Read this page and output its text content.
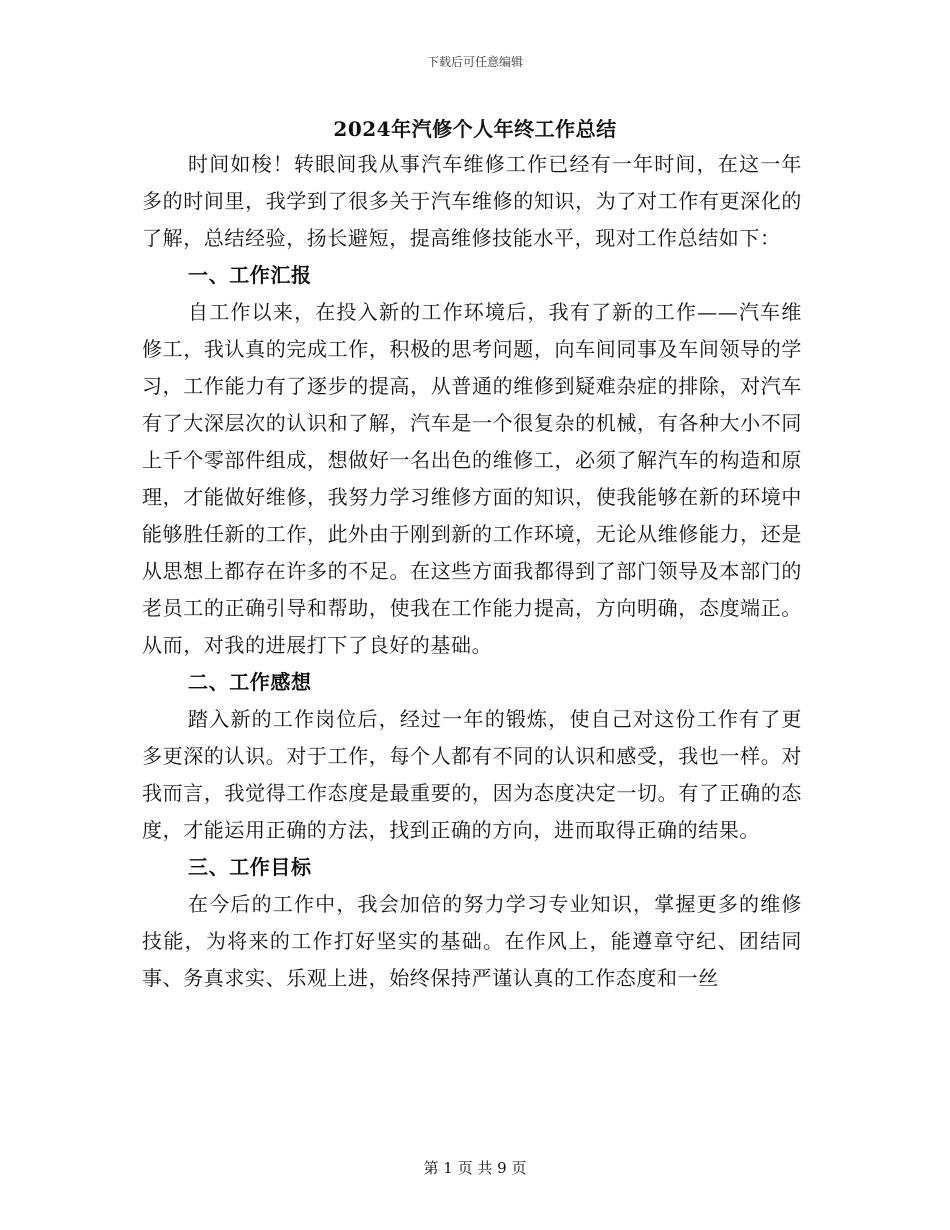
下载后可任意编辑
2024年汽修个人年终工作总结

时间如梭！转眼间我从事汽车维修工作已经有一年时间，在这一年多的时间里，我学到了很多关于汽车维修的知识，为了对工作有更深化的了解，总结经验，扬长避短，提高维修技能水平，现对工作总结如下：

一、工作汇报

自工作以来，在投入新的工作环境后，我有了新的工作——汽车维修工，我认真的完成工作，积极的思考问题，向车间同事及车间领导的学习，工作能力有了逐步的提高，从普通的维修到疑难杂症的排除，对汽车有了大深层次的认识和了解，汽车是一个很复杂的机械，有各种大小不同上千个零部件组成，想做好一名出色的维修工，必须了解汽车的构造和原理，才能做好维修，我努力学习维修方面的知识，使我能够在新的环境中能够胜任新的工作，此外由于刚到新的工作环境，无论从维修能力，还是从思想上都存在许多的不足。在这些方面我都得到了部门领导及本部门的老员工的正确引导和帮助，使我在工作能力提高，方向明确，态度端正。从而，对我的进展打下了良好的基础。

二、工作感想

踏入新的工作岗位后，经过一年的锻炼，使自己对这份工作有了更多更深的认识。对于工作，每个人都有不同的认识和感受，我也一样。对我而言，我觉得工作态度是最重要的，因为态度决定一切。有了正确的态度，才能运用正确的方法，找到正确的方向，进而取得正确的结果。

三、工作目标

在今后的工作中，我会加倍的努力学习专业知识，掌握更多的维修技能，为将来的工作打好坚实的基础。在作风上，能遵章守纪、团结同事、务真求实、乐观上进，始终保持严谨认真的工作态度和一丝

第 1 页 共 9 页
